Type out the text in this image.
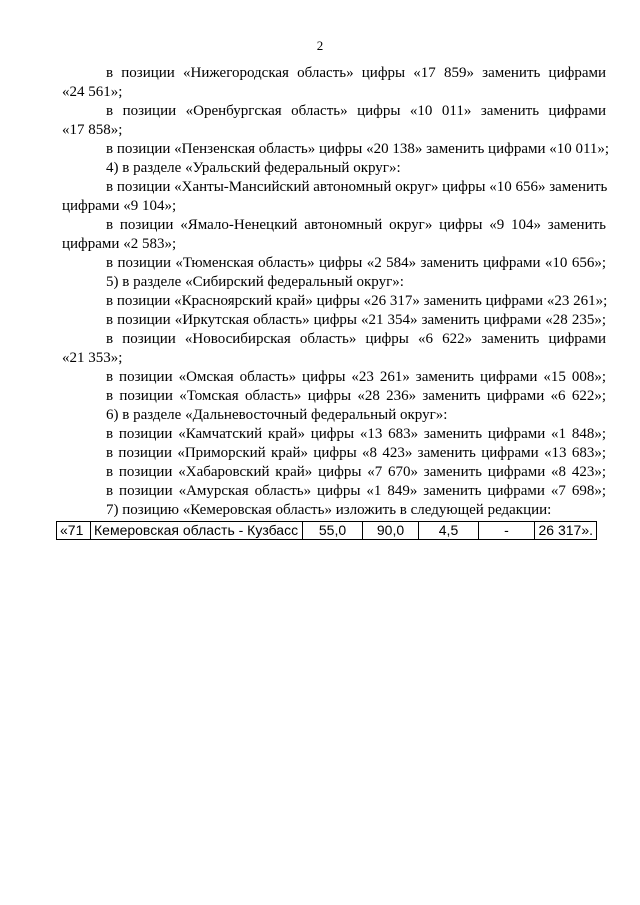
2
в позиции «Нижегородская область» цифры «17 859» заменить цифрами
«24 561»;
в позиции «Оренбургская область» цифры «10 011» заменить цифрами
«17 858»;
в позиции «Пензенская область» цифры «20 138» заменить цифрами «10 011»;
4) в разделе «Уральский федеральный округ»:
в позиции «Ханты-Мансийский автономный округ» цифры «10 656» заменить
цифрами «9 104»;
в позиции «Ямало-Ненецкий автономный округ» цифры «9 104» заменить
цифрами «2 583»;
в позиции «Тюменская область» цифры «2 584» заменить цифрами «10 656»;
5) в разделе «Сибирский федеральный округ»:
в позиции «Красноярский край» цифры «26 317» заменить цифрами «23 261»;
в позиции «Иркутская область» цифры «21 354» заменить цифрами «28 235»;
в позиции «Новосибирская область» цифры «6 622» заменить цифрами
«21 353»;
в позиции «Омская область» цифры «23 261» заменить цифрами «15 008»;
в позиции «Томская область» цифры «28 236» заменить цифрами «6 622»;
6) в разделе «Дальневосточный федеральный округ»:
в позиции «Камчатский край» цифры «13 683» заменить цифрами «1 848»;
в позиции «Приморский край» цифры «8 423» заменить цифрами «13 683»;
в позиции «Хабаровский край» цифры «7 670» заменить цифрами «8 423»;
в позиции «Амурская область» цифры «1 849» заменить цифрами «7 698»;
7) позицию «Кемеровская область» изложить в следующей редакции:
«71	Кемеровская область - Кузбасс	55,0	90,0	4,5	-	26 317».
